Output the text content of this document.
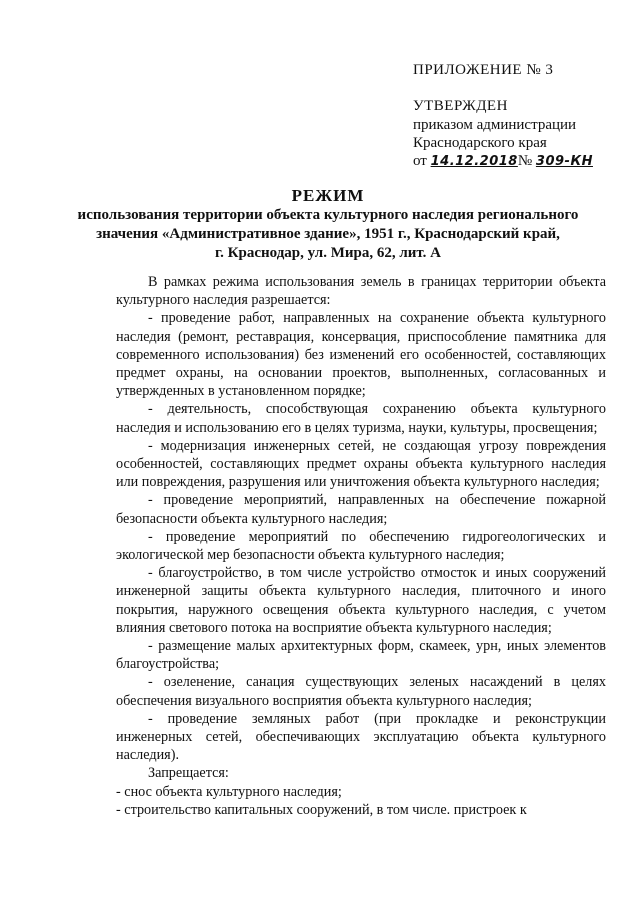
ПРИЛОЖЕНИЕ № 3
УТВЕРЖДЕН
приказом администрации
Краснодарского края
от 14.12.2018№ 309-КН
РЕЖИМ
использования территории объекта культурного наследия регионального
значения «Административное здание», 1951 г., Краснодарский край,
г. Краснодар, ул. Мира, 62, лит. А

В рамках режима использования земель в границах территории объекта культурного наследия разрешается:

- проведение работ, направленных на сохранение объекта культурного наследия (ремонт, реставрация, консервация, приспособление памятника для современного использования) без изменений его особенностей, составляющих предмет охраны, на основании проектов, выполненных, согласованных и утвержденных в установленном порядке;

- деятельность, способствующая сохранению объекта культурного наследия и использованию его в целях туризма, науки, культуры, просвещения;

- модернизация инженерных сетей, не создающая угрозу повреждения особенностей, составляющих предмет охраны объекта культурного наследия или повреждения, разрушения или уничтожения объекта культурного наследия;

- проведение мероприятий, направленных на обеспечение пожарной безопасности объекта культурного наследия;

- проведение мероприятий по обеспечению гидрогеологических и экологической мер безопасности объекта культурного наследия;

- благоустройство, в том числе устройство отмосток и иных сооружений инженерной защиты объекта культурного наследия, плиточного и иного покрытия, наружного освещения объекта культурного наследия, с учетом влияния светового потока на восприятие объекта культурного наследия;

- размещение малых архитектурных форм, скамеек, урн, иных элементов благоустройства;

- озеленение, санация существующих зеленых насаждений в целях обеспечения визуального восприятия объекта культурного наследия;

- проведение земляных работ (при прокладке и реконструкции инженерных сетей, обеспечивающих эксплуатацию объекта культурного наследия).

Запрещается:

- снос объекта культурного наследия;

- строительство капитальных сооружений, в том числе. пристроек к
